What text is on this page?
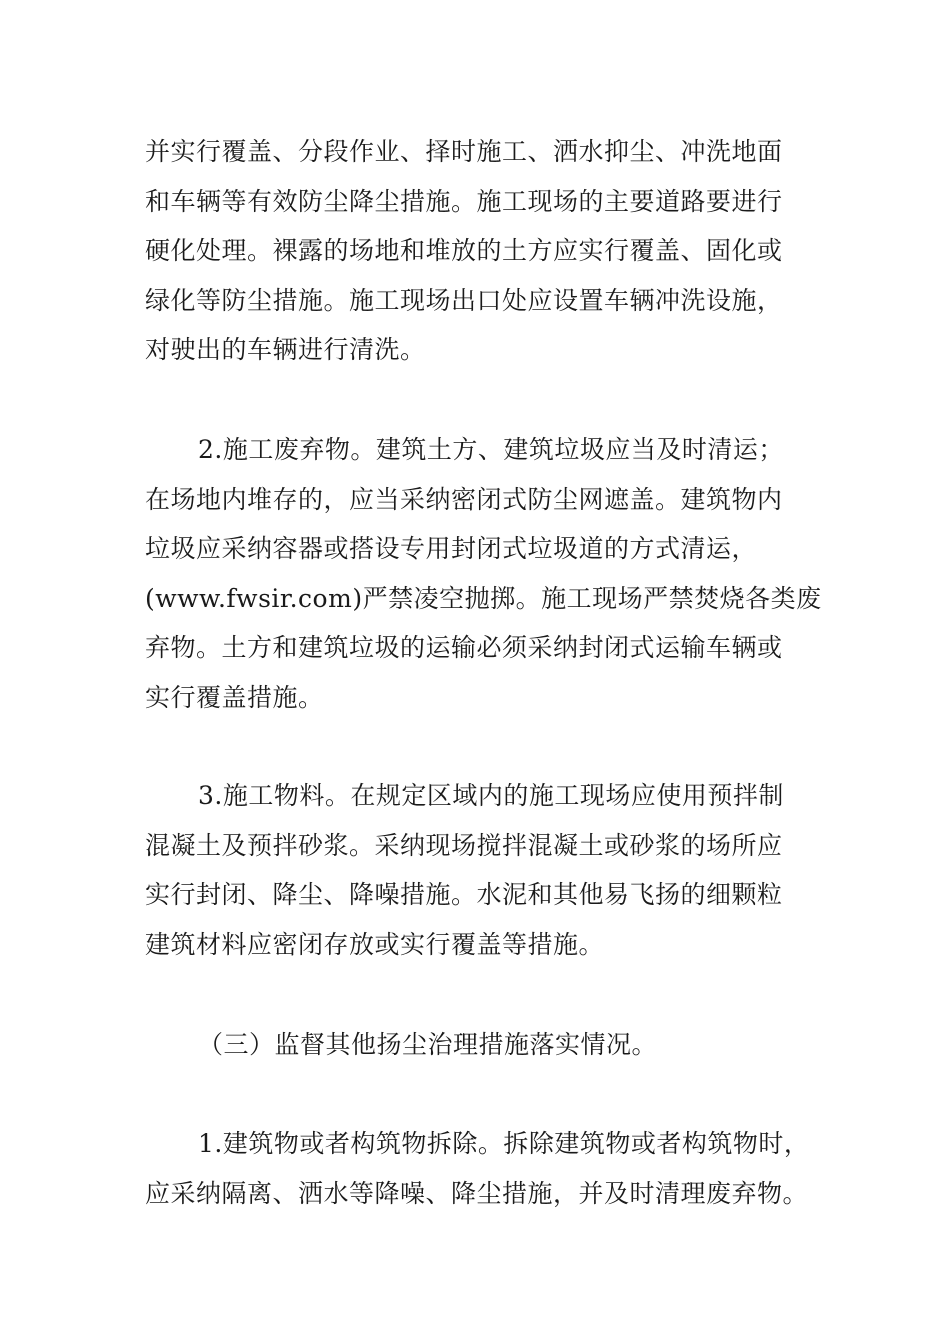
并实行覆盖、分段作业、择时施工、洒水抑尘、冲洗地面
和车辆等有效防尘降尘措施。施工现场的主要道路要进行
硬化处理。裸露的场地和堆放的土方应实行覆盖、固化或
绿化等防尘措施。施工现场出口处应设置车辆冲洗设施，
对驶出的车辆进行清洗。

2.施工废弃物。建筑土方、建筑垃圾应当及时清运；
在场地内堆存的，应当采纳密闭式防尘网遮盖。建筑物内
垃圾应采纳容器或搭设专用封闭式垃圾道的方式清运，
(www.fwsir.com)严禁凌空抛掷。施工现场严禁焚烧各类废
弃物。土方和建筑垃圾的运输必须采纳封闭式运输车辆或
实行覆盖措施。

3.施工物料。在规定区域内的施工现场应使用预拌制
混凝土及预拌砂浆。采纳现场搅拌混凝土或砂浆的场所应
实行封闭、降尘、降噪措施。水泥和其他易飞扬的细颗粒
建筑材料应密闭存放或实行覆盖等措施。

（三）监督其他扬尘治理措施落实情况。

1.建筑物或者构筑物拆除。拆除建筑物或者构筑物时，
应采纳隔离、洒水等降噪、降尘措施，并及时清理废弃物。
